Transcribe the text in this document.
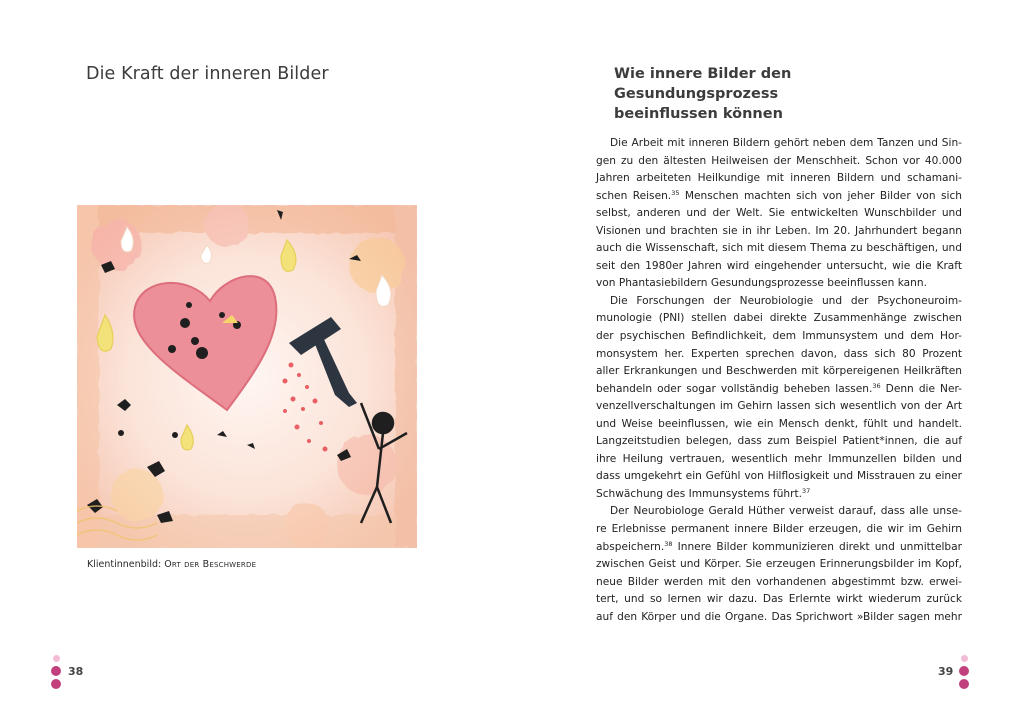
Die Kraft der inneren Bilder
Klientinnenbild: Ort der Beschwerde
38
Wie innere Bilder den Gesundungsprozess
beeinflussen können
Die Arbeit mit inneren Bildern gehört neben dem Tanzen und Sin-
gen zu den ältesten Heilweisen der Menschheit. Schon vor 40.000
Jahren arbeiteten Heilkundige mit inneren Bildern und schamani-
schen Reisen.$^{35}$ Menschen machten sich von jeher Bilder von sich
selbst, anderen und der Welt. Sie entwickelten Wunschbilder und
Visionen und brachten sie in ihr Leben. Im 20. Jahrhundert begann
auch die Wissenschaft, sich mit diesem Thema zu beschäftigen, und
seit den 1980er Jahren wird eingehender untersucht, wie die Kraft
von Phantasiebildern Gesundungsprozesse beeinflussen kann.
Die Forschungen der Neurobiologie und der Psychoneuroim-
munologie (PNI) stellen dabei direkte Zusammenhänge zwischen
der psychischen Befindlichkeit, dem Immunsystem und dem Hor-
monsystem her. Experten sprechen davon, dass sich 80 Prozent
aller Erkrankungen und Beschwerden mit körpereigenen Heilkräften
behandeln oder sogar vollständig beheben lassen.$^{36}$ Denn die Ner-
venzellverschaltungen im Gehirn lassen sich wesentlich von der Art
und Weise beeinflussen, wie ein Mensch denkt, fühlt und handelt.
Langzeitstudien belegen, dass zum Beispiel Patient*innen, die auf
ihre Heilung vertrauen, wesentlich mehr Immunzellen bilden und
dass umgekehrt ein Gefühl von Hilflosigkeit und Misstrauen zu einer
Schwächung des Immunsystems führt.$^{37}$
Der Neurobiologe Gerald Hüther verweist darauf, dass alle unse-
re Erlebnisse permanent innere Bilder erzeugen, die wir im Gehirn
abspeichern.$^{38}$ Innere Bilder kommunizieren direkt und unmittelbar
zwischen Geist und Körper. Sie erzeugen Erinnerungsbilder im Kopf,
neue Bilder werden mit den vorhandenen abgestimmt bzw. erwei-
tert, und so lernen wir dazu. Das Erlernte wirkt wiederum zurück
auf den Körper und die Organe. Das Sprichwort »Bilder sagen mehr
39
